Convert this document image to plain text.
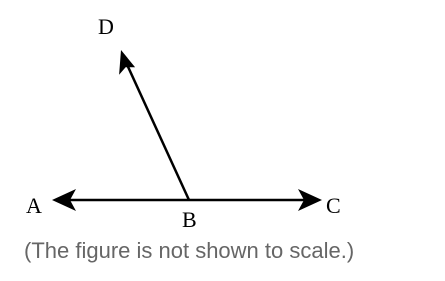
A
B
C
D
(The figure is not shown to scale.)
